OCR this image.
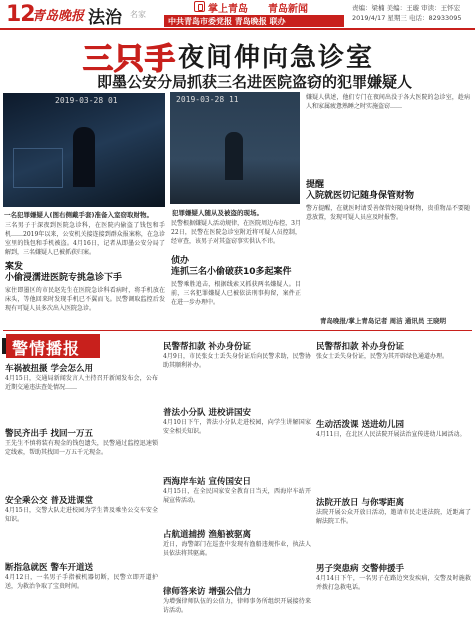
12
青岛晚报 法治 名家	掌上青岛 青岛新闻
中共青岛市委党报 青岛晚报 联办
责编：梁楠 美编：王璇 审读：王怀宏
2019/4/17 星期三 电话：82933095
三只手 夜间伸向急诊室
即墨公安分局抓获三名进医院盗窃的犯罪嫌疑人
2019-03-28 01	2019-03-28 11
一名犯罪嫌疑人(图右侧戴手套)准备入室窃取财物。	犯罪嫌疑人随从及被盗的现场。
三名男子于深夜到医院急诊科，在医院内偷盗了钱包和手机……2019年以来，公安机关接连接到群众报案称，在急诊室里的钱包和手机被盗。4月16日，记者从即墨公安分局了解到，三名嫌疑人已被抓获归案。
案发
小偷浸濡进医院专挑急诊下手
家住即墨区的市民赵先生在医院急诊科看病时，将手机放在床头，等他回来时发现手机已不翼而飞。民警调取监控后发现有可疑人员多次出入医院急诊。
民警根据嫌疑人活动规律，在医院周边布控，3月22日，民警在医院急诊室附近将可疑人员控制，经审查，该男子对其盗窃事实供认不讳。
侦办
连抓三名小偷破获10多起案件
民警乘胜追击，根据线索又抓获两名嫌疑人。目前，三名犯罪嫌疑人已被依法刑事拘留，案件正在进一步办理中。
嫌疑人供述，他们专门在夜间出没于各大医院的急诊室，趁病人和家属疲惫熟睡之时实施盗窃……
提醒
入院就医切记随身保管财物
警方提醒，在就医时请妥善保管好随身财物，贵重物品不要随意放置，发现可疑人员应及时报警。
青岛晚报/掌上青岛记者 周洁 通讯员 王晓明
警情播报
车祸被扭摄 学会怎么用
4月15日，交通局新闻发言人主持召开新闻发布会，公布近期交通违法查处情况……
警民齐出手 找回一万五
王先生不慎将装有现金的钱包遗失，民警通过监控迅速锁定线索，帮助其找回一万五千元现金。
安全乘公交 普及进课堂
4月15日，交警大队走进校园为学生普及乘坐公交车安全知识。
断指急就医 警车开道送
4月12日，一名男子手指被机器切断，民警立即开道护送，为救治争取了宝贵时间。
民警帮扣款 补办身份证
4月9日，市民张女士丢失身份证后向民警求助，民警协助其顺利补办。
普法小分队 进校讲国安
4月10日下午，普法小分队走进校园，向学生讲解国家安全相关知识。
西海岸车站 宣传国安日
4月15日，在全民国家安全教育日当天，西海岸车站开展宣传活动。
占航道捕捞 渔船被驱离
近日，海警部门在巡查中发现有渔船违规作业，执法人员依法将其驱离。
律师答来访 增强公信力
为增强律师队伍的公信力，律师事务所组织开展接待来访活动。
民警帮扣款 补办身份证
张女士丢失身份证，民警为其开辟绿色通道办理。
生动活泼课 送进幼儿园
4月11日，在北区人民法院开展法治宣传进幼儿园活动。
法院开放日 与你零距离
法院开展公众开放日活动，邀请市民走进法院，近距离了解法院工作。
男子突患病 交警伸援手
4月14日下午，一名男子在路边突发疾病，交警及时施救并拨打急救电话。
